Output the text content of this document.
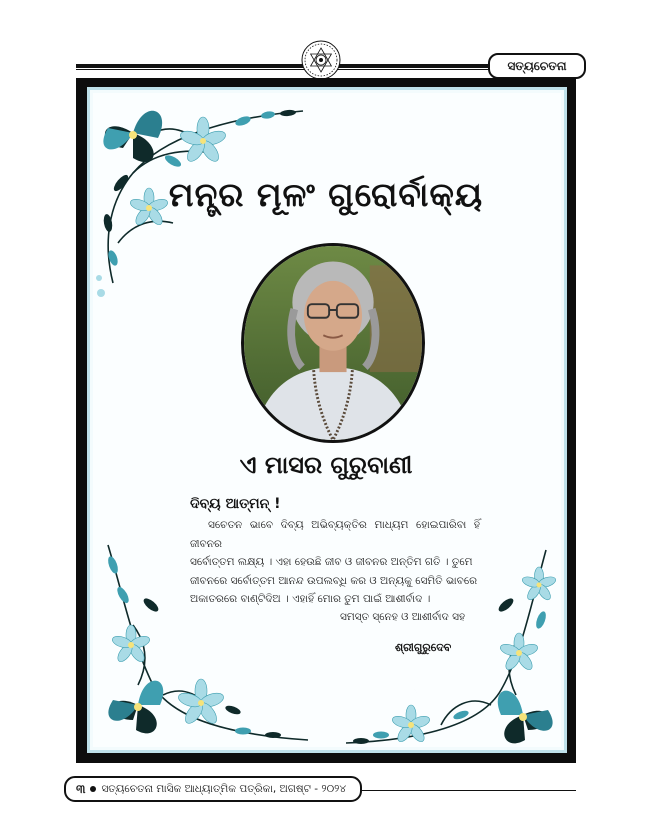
ସତ୍ୟଚେତନା
ମନ୍ତ୍ର ମୂଳଂ ଗୁରୋର୍ବାକ୍ୟ
ଏ ମାସର ଗୁରୁବାଣୀ
ଦିବ୍ୟ ଆତ୍ମନ୍ !
ସଚେତନ ଭାବେ ଦିବ୍ୟ ଅଭିବ୍ୟକ୍ତିର ମାଧ୍ୟମ ହୋଇପାରିବା ହିଁ ଜୀବନର
ସର୍ବୋତ୍ତମ ଲକ୍ଷ୍ୟ । ଏହା ହେଉଛି ଜୀବ ଓ ଜୀବନର ଅନ୍ତିମ ଗତି । ତୁମେ
ଜୀବନରେ ସର୍ବୋତ୍ତମ ଆନନ୍ଦ ଉପଲବ୍ଧି କର ଓ ଅନ୍ୟକୁ ସେମିତି ଭାବରେ
ଅକାତରରେ ବାଣ୍ଟିଦିଅ । ଏହାହିଁ ମୋର ତୁମ ପାଇଁ ଆଶୀର୍ବାଦ ।
ସମସ୍ତ ସ୍ନେହ ଓ ଆଶୀର୍ବାଦ ସହ
ଶ୍ରୀଗୁରୁଦେବ
୩ ସତ୍ୟଚେତନା ମାସିକ ଆଧ୍ୟାତ୍ମିକ ପତ୍ରିକା, ଅଗଷ୍ଟ - ୨୦୨୪
